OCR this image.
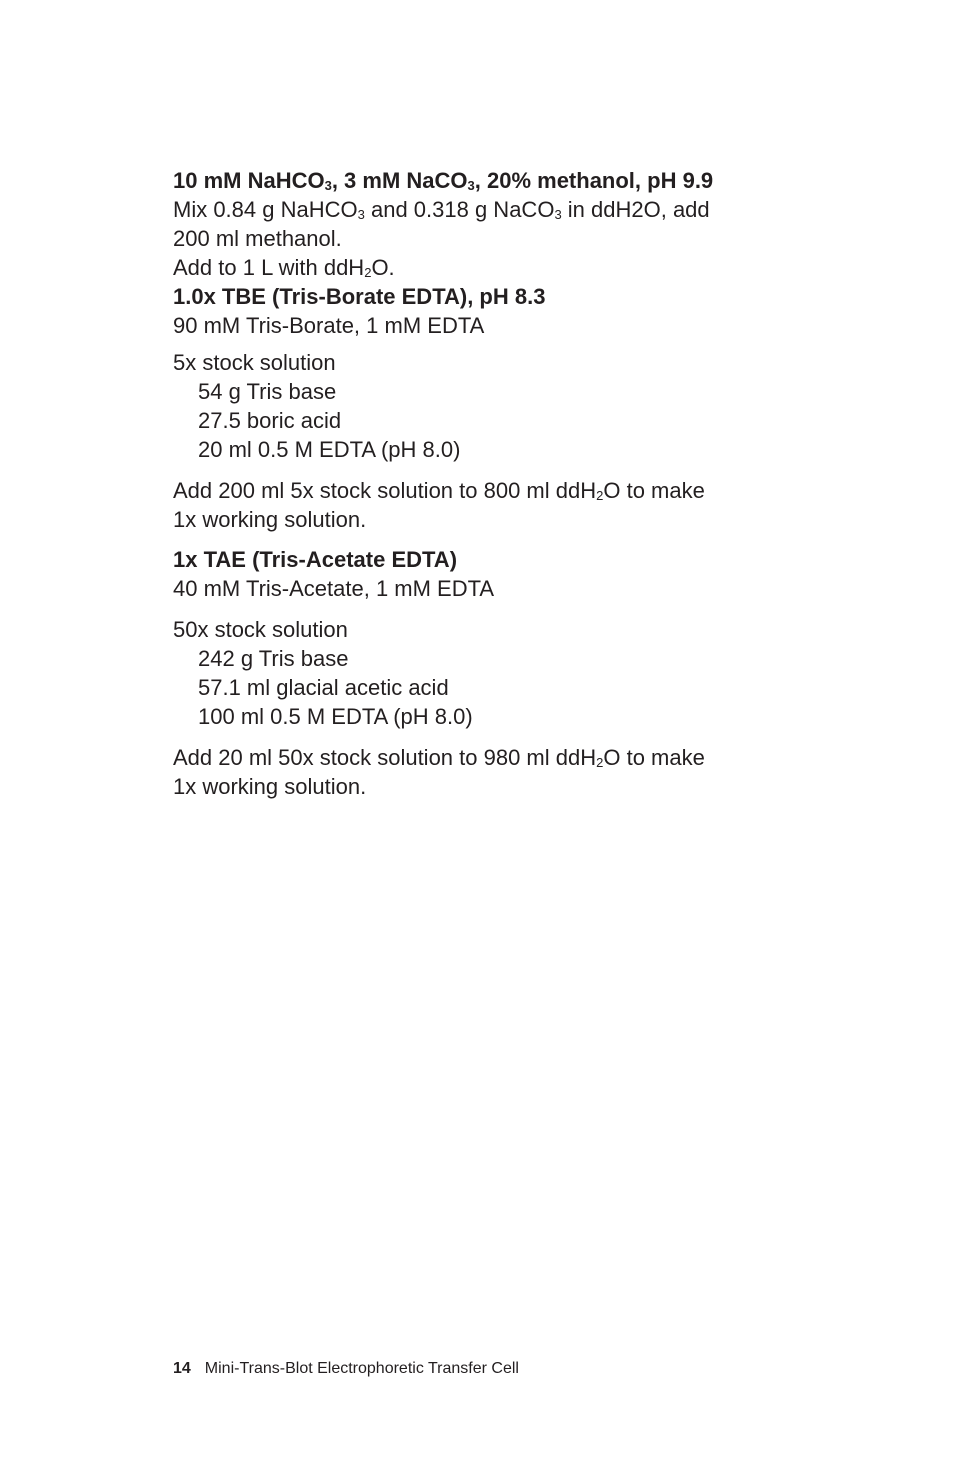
10 mM NaHCO$_3$, 3 mM NaCO$_3$, 20% methanol, pH 9.9
Mix 0.84 g NaHCO$_3$ and 0.318 g NaCO$_3$ in ddH2O, add
200 ml methanol.
Add to 1 L with ddH$_2$O.
1.0x TBE (Tris-Borate EDTA), pH 8.3
90 mM Tris-Borate, 1 mM EDTA
5x stock solution
54 g Tris base
27.5 boric acid
20 ml 0.5 M EDTA (pH 8.0)
Add 200 ml 5x stock solution to 800 ml ddH$_2$O to make
1x working solution.
1x TAE (Tris-Acetate EDTA)
40 mM Tris-Acetate, 1 mM EDTA
50x stock solution
242 g Tris base
57.1 ml glacial acetic acid
100 ml 0.5 M EDTA (pH 8.0)
Add 20 ml 50x stock solution to 980 ml ddH$_2$O to make
1x working solution.
14 Mini-Trans-Blot Electrophoretic Transfer Cell
